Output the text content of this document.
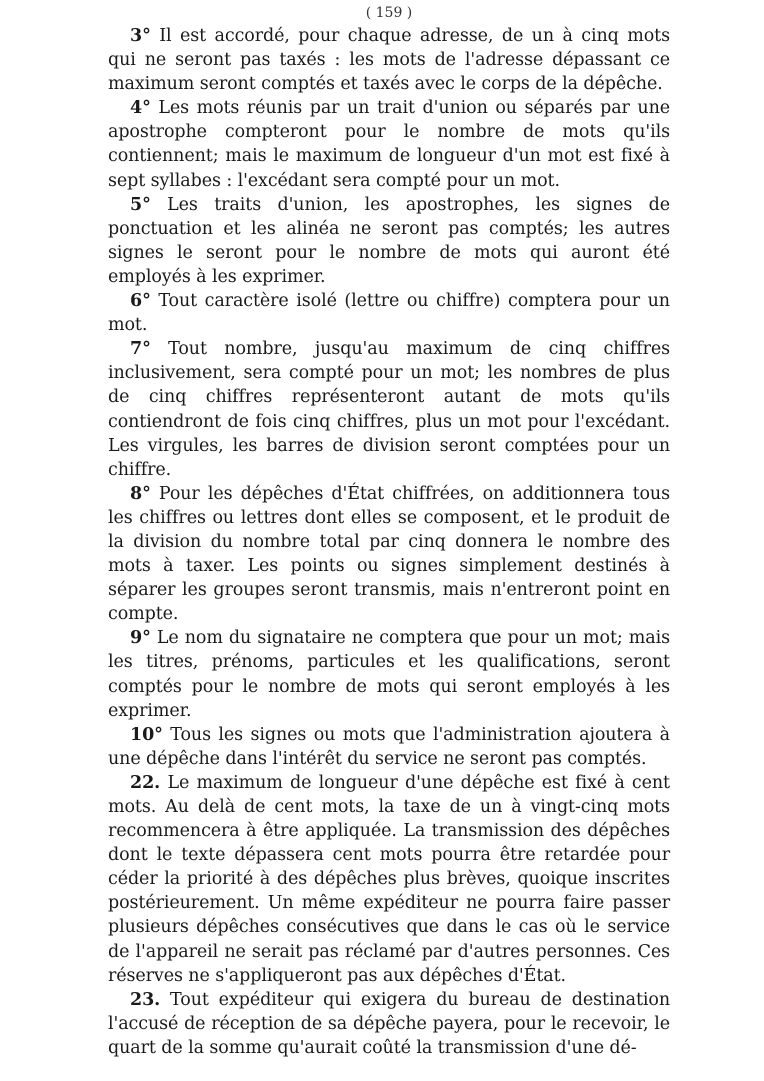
( 159 )

3° Il est accordé, pour chaque adresse, de un à cinq mots qui ne seront pas taxés : les mots de l'adresse dépassant ce maximum seront comptés et taxés avec le corps de la dépêche.

4° Les mots réunis par un trait d'union ou séparés par une apostrophe compteront pour le nombre de mots qu'ils contiennent; mais le maximum de longueur d'un mot est fixé à sept syllabes : l'excédant sera compté pour un mot.

5° Les traits d'union, les apostrophes, les signes de ponctuation et les alinéa ne seront pas comptés; les autres signes le seront pour le nombre de mots qui auront été employés à les exprimer.

6° Tout caractère isolé (lettre ou chiffre) comptera pour un mot.

7° Tout nombre, jusqu'au maximum de cinq chiffres inclusivement, sera compté pour un mot; les nombres de plus de cinq chiffres représenteront autant de mots qu'ils contiendront de fois cinq chiffres, plus un mot pour l'excédant. Les virgules, les barres de division seront comptées pour un chiffre.

8° Pour les dépêches d'État chiffrées, on additionnera tous les chiffres ou lettres dont elles se composent, et le produit de la division du nombre total par cinq donnera le nombre des mots à taxer. Les points ou signes simplement destinés à séparer les groupes seront transmis, mais n'entreront point en compte.

9° Le nom du signataire ne comptera que pour un mot; mais les titres, prénoms, particules et les qualifications, seront comptés pour le nombre de mots qui seront employés à les exprimer.

10° Tous les signes ou mots que l'administration ajoutera à une dépêche dans l'intérêt du service ne seront pas comptés.

22. Le maximum de longueur d'une dépêche est fixé à cent mots. Au delà de cent mots, la taxe de un à vingt-cinq mots recommencera à être appliquée. La transmission des dépêches dont le texte dépassera cent mots pourra être retardée pour céder la priorité à des dépêches plus brèves, quoique inscrites postérieurement. Un même expéditeur ne pourra faire passer plusieurs dépêches consécutives que dans le cas où le service de l'appareil ne serait pas réclamé par d'autres personnes. Ces réserves ne s'appliqueront pas aux dépêches d'État.

23. Tout expéditeur qui exigera du bureau de destination l'accusé de réception de sa dépêche payera, pour le recevoir, le quart de la somme qu'aurait coûté la transmission d'une dé-
